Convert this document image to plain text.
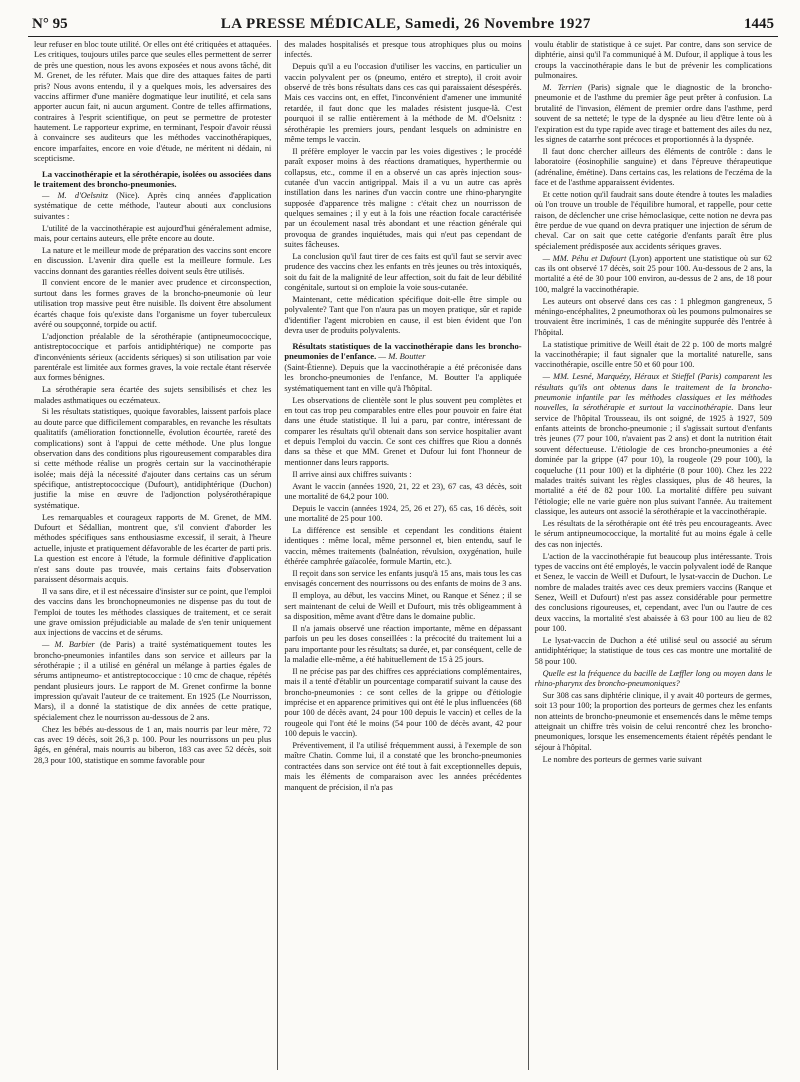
N° 95	LA PRESSE MÉDICALE, Samedi, 26 Novembre 1927	1445

leur refuser en bloc toute utilité. Or elles ont été critiquées et attaquées. Les critiques, toujours utiles parce que seules elles permettent de serrer de près une question, nous les avons exposées et nous avons tâché, dit M. Grenet, de les réfuter. Mais que dire des attaques faites de parti pris? Nous avons entendu, il y a quelques mois, les adversaires des vaccins affirmer d'une manière dogmatique leur inutilité, et cela sans apporter aucun fait, ni aucun argument. Contre de telles affirmations, contraires à l'esprit scientifique, on peut se permettre de protester hautement. Le rapporteur exprime, en terminant, l'espoir d'avoir réussi à convaincre ses auditeurs que les méthodes vaccinothérapiques, encore imparfaites, encore en voie d'étude, ne méritent ni dédain, ni scepticisme.

La vaccinothérapie et la sérothérapie, isolées ou associées dans le traitement des broncho-pneumonies.

— M. d'Oelsnitz (Nice). Après cinq années d'application systématique de cette méthode, l'auteur abouti aux conclusions suivantes :

L'utilité de la vaccinothérapie est aujourd'hui généralement admise, mais, pour certains auteurs, elle prête encore au doute.

La nature et le meilleur mode de préparation des vaccins sont encore en discussion. L'avenir dira quelle est la meilleure formule. Les vaccins donnant des garanties réelles doivent seuls être utilisés.

Il convient encore de le manier avec prudence et circonspection, surtout dans les formes graves de la broncho-pneumonie où leur utilisation trop massive peut être nuisible. Ils doivent être absolument écartés chaque fois qu'existe dans l'organisme un foyer tuberculeux avéré ou soupçonné, torpide ou actif.

L'adjonction préalable de la sérothérapie (antipneumococcique, antistreptococcique et parfois antidiphtérique) ne comporte pas d'inconvénients sérieux (accidents sériques) si son utilisation par voie parentérale est limitée aux formes graves, la voie rectale étant réservée aux formes bénignes.

La sérothérapie sera écartée des sujets sensibilisés et chez les malades asthmatiques ou eczémateux.

Si les résultats statistiques, quoique favorables, laissent parfois place au doute parce que difficilement comparables, en revanche les résultats qualitatifs (amélioration fonctionnelle, évolution écourtée, rareté des complications) sont à l'appui de cette méthode. Une plus longue observation dans des conditions plus rigoureusement comparables dira si cette méthode réalise un progrès certain sur la vaccinothérapie isolée; mais déjà la nécessité d'ajouter dans certains cas un sérum spécifique, antistreptococcique (Dufourt), antidiphtérique (Duchon) justifie la mise en œuvre de l'adjonction polysérothérapique systématique.

Les remarquables et courageux rapports de M. Grenet, de MM. Dufourt et Sédallian, montrent que, s'il convient d'aborder les méthodes spécifiques sans enthousiasme excessif, il serait, à l'heure actuelle, injuste et pratiquement défavorable de les écarter de parti pris. La question est encore à l'étude, la formule définitive d'application n'est sans doute pas trouvée, mais certains faits d'observation paraissent désormais acquis.

Il va sans dire, et il est nécessaire d'insister sur ce point, que l'emploi des vaccins dans les bronchopneumonies ne dispense pas du tout de l'emploi de toutes les méthodes classiques de traitement, et ce serait une grave omission préjudiciable au malade de s'en tenir uniquement aux injections de vaccins et de sérums.

— M. Barbier (de Paris) a traité systématiquement toutes les broncho-pneumonies infantiles dans son service et ailleurs par la sérothérapie ; il a utilisé en général un mélange à parties égales de sérums antipneumo- et antistreptococcique : 10 cmc de chaque, répétés pendant plusieurs jours. Le rapport de M. Grenet confirme la bonne impression qu'avait l'auteur de ce traitement. En 1925 (Le Nourrisson, Mars), il a donné la statistique de dix années de cette pratique, spécialement chez le nourrisson au-dessous de 2 ans.

Chez les bébés au-dessous de 1 an, mais nourris par leur mère, 72 cas avec 19 décès, soit 26,3 p. 100. Pour les nourrissons un peu plus âgés, en général, mais nourris au biberon, 183 cas avec 52 décès, soit 28,3 pour 100, statistique en somme favorable pour

des malades hospitalisés et presque tous atrophiques plus ou moins infectés.

Depuis qu'il a eu l'occasion d'utiliser les vaccins, en particulier un vaccin polyvalent per os (pneumo, entéro et strepto), il croit avoir observé de très bons résultats dans ces cas qui paraissaient désespérés. Mais ces vaccins ont, en effet, l'inconvénient d'amener une immunité retardée, il faut donc que les malades résistent jusque-là. C'est pourquoi il se rallie entièrement à la méthode de M. d'Oelsnitz : sérothérapie les premiers jours, pendant lesquels on administre en même temps le vaccin.

Il préfère employer le vaccin par les voies digestives ; le procédé paraît exposer moins à des réactions dramatiques, hyperthermie ou collapsus, etc., comme il en a observé un cas après injection sous-cutanée d'un vaccin antigrippal. Mais il a vu un autre cas après instillation dans les narines d'un vaccin contre une rhino-pharyngite supposée d'apparence très maligne : c'était chez un nourrisson de quelques semaines ; il y eut à la fois une réaction focale caractérisée par un écoulement nasal très abondant et une réaction générale qui provoqua de grandes inquiétudes, mais qui n'eut pas cependant de suites fâcheuses.

La conclusion qu'il faut tirer de ces faits est qu'il faut se servir avec prudence des vaccins chez les enfants en très jeunes ou très intoxiqués, soit du fait de la malignité de leur affection, soit du fait de leur débilité congénitale, surtout si on emploie la voie sous-cutanée.

Maintenant, cette médication spécifique doit-elle être simple ou polyvalente? Tant que l'on n'aura pas un moyen pratique, sûr et rapide d'identifier l'agent microbien en cause, il est bien évident que l'on devra user de produits polyvalents.

Résultats statistiques de la vaccinothérapie dans les broncho-pneumonies de l'enfance. — M. Boutter

(Saint-Étienne). Depuis que la vaccinothérapie a été préconisée dans les broncho-pneumonies de l'enfance, M. Boutter l'a appliquée systématiquement tant en ville qu'à l'hôpital.

Les observations de clientèle sont le plus souvent peu complètes et en tout cas trop peu comparables entre elles pour pouvoir en faire état dans une étude statistique. Il lui a paru, par contre, intéressant de comparer les résultats qu'il obtenait dans son service hospitalier avant et depuis l'emploi du vaccin. Ce sont ces chiffres que Riou a donnés dans sa thèse et que MM. Grenet et Dufour lui font l'honneur de mentionner dans leurs rapports.

Il arrive ainsi aux chiffres suivants :

Avant le vaccin (années 1920, 21, 22 et 23), 67 cas, 43 décès, soit une mortalité de 64,2 pour 100.

Depuis le vaccin (années 1924, 25, 26 et 27), 65 cas, 16 décès, soit une mortalité de 25 pour 100.

La différence est sensible et cependant les conditions étaient identiques : même local, même personnel et, bien entendu, sauf le vaccin, mêmes traitements (balnéation, révulsion, oxygénation, huile éthérée camphrée gaïacolée, formule Martin, etc.).

Il reçoit dans son service les enfants jusqu'à 15 ans, mais tous les cas envisagés concernent des nourrissons ou des enfants de moins de 3 ans.

Il employa, au début, les vaccins Minet, ou Ranque et Sénez ; il se sert maintenant de celui de Weill et Dufourt, mis très obligeamment à sa disposition, même avant d'être dans le domaine public.

Il n'a jamais observé une réaction importante, même en dépassant parfois un peu les doses conseillées : la précocité du traitement lui a paru importante pour les résultats; sa durée, et, par conséquent, celle de la maladie elle-même, a été habituellement de 15 à 25 jours.

Il ne précise pas par des chiffres ces appréciations complémentaires, mais il a tenté d'établir un pourcentage comparatif suivant la cause des broncho-pneumonies : ce sont celles de la grippe ou d'étiologie imprécise et en apparence primitives qui ont été le plus influencées (68 pour 100 de décès avant, 24 pour 100 depuis le vaccin) et celles de la rougeole qui l'ont été le moins (54 pour 100 de décès avant, 42 pour 100 depuis le vaccin).

Préventivement, il l'a utilisé fréquemment aussi, à l'exemple de son maître Chatin. Comme lui, il a constaté que les broncho-pneumonies contractées dans son service ont été tout à fait exceptionnelles depuis, mais les éléments de comparaison avec les années précédentes manquent de précision, il n'a pas

voulu établir de statistique à ce sujet. Par contre, dans son service de diphtérie, ainsi qu'il l'a communiqué à M. Dufour, il applique à tous les croups la vaccinothérapie dans le but de prévenir les complications pulmonaires.

M. Terrien (Paris) signale que le diagnostic de la broncho-pneumonie et de l'asthme du premier âge peut prêter à confusion. La brutalité de l'invasion, élément de premier ordre dans l'asthme, perd souvent de sa netteté; le type de la dyspnée au lieu d'être lente où à l'expiration est du type rapide avec tirage et battement des ailes du nez, les signes de catarrhe sont précoces et proportionnés à la dyspnée.

Il faut donc chercher ailleurs des éléments de contrôle : dans le laboratoire (éosinophilie sanguine) et dans l'épreuve thérapeutique (adrénaline, émétine). Dans certains cas, les relations de l'eczéma de la face et de l'asthme apparaissent évidentes.

Et cette notion qu'il faudrait sans doute étendre à toutes les maladies où l'on trouve un trouble de l'équilibre humoral, et rappelle, pour cette raison, de déclencher une crise hémoclasique, cette notion ne devra pas être perdue de vue quand on devra pratiquer une injection de sérum de cheval. Car on sait que cette catégorie d'enfants paraît être plus spécialement prédisposée aux accidents sériques graves.

— MM. Péhu et Dufourt (Lyon) apportent une statistique où sur 62 cas ils ont observé 17 décès, soit 25 pour 100. Au-dessous de 2 ans, la mortalité a été de 30 pour 100 environ, au-dessus de 2 ans, de 18 pour 100, malgré la vaccinothérapie.

Les auteurs ont observé dans ces cas : 1 phlegmon gangreneux, 5 méningo-encéphalites, 2 pneumothorax où les poumons pulmonaires se trouvaient être incriminés, 1 cas de méningite suppurée dès l'entrée à l'hôpital.

La statistique primitive de Weill était de 22 p. 100 de morts malgré la vaccinothérapie; il faut signaler que la mortalité naturelle, sans vaccinothérapie, oscille entre 50 et 60 pour 100.

— MM. Lesné, Marquézy, Héraux et Stieffel (Paris) comparent les résultats qu'ils ont obtenus dans le traitement de la broncho-pneumonie infantile par les méthodes classiques et les méthodes nouvelles, la sérothérapie et surtout la vaccinothérapie. Dans leur service de l'hôpital Trousseau, ils ont soigné, de 1925 à 1927, 509 enfants atteints de broncho-pneumonie ; il s'agissait surtout d'enfants très jeunes (77 pour 100, n'avaient pas 2 ans) et dont la nutrition était souvent défectueuse. L'étiologie de ces broncho-pneumonies a été dominée par la grippe (47 pour 10), la rougeole (29 pour 100), la coqueluche (11 pour 100) et la diphtérie (8 pour 100). Chez les 222 malades traités suivant les règles classiques, plus de 48 heures, la mortalité a été de 82 pour 100. La mortalité diffère peu suivant l'étiologie; elle ne varie guère non plus suivant l'année. Au traitement classique, les auteurs ont associé la sérothérapie et la vaccinothérapie.

Les résultats de la sérothérapie ont été très peu encourageants. Avec le sérum antipneumococcique, la mortalité fut au moins égale à celle des cas non injectés.

L'action de la vaccinothérapie fut beaucoup plus intéressante. Trois types de vaccins ont été employés, le vaccin polyvalent iodé de Ranque et Senez, le vaccin de Weill et Dufourt, le lysat-vaccin de Duchon. Le nombre de malades traités avec ces deux premiers vaccins (Ranque et Senez, Weill et Dufourt) n'est pas assez considérable pour permettre des conclusions rigoureuses, et, cependant, avec l'un ou l'autre de ces deux vaccins, la mortalité s'est abaissée à 63 pour 100 au lieu de 82 pour 100.

Le lysat-vaccin de Duchon a été utilisé seul ou associé au sérum antidiphtérique; la statistique de tous ces cas montre une mortalité de 58 pour 100.

Quelle est la fréquence du bacille de Lœffler long ou moyen dans le rhino-pharynx des broncho-pneumoniques?

Sur 308 cas sans diphtérie clinique, il y avait 40 porteurs de germes, soit 13 pour 100; la proportion des porteurs de germes chez les enfants non atteints de broncho-pneumonie et ensemencés dans le même temps atteignait un chiffre très voisin de celui rencontré chez les broncho-pneumoniques, lorsque les ensemencements étaient répétés pendant le séjour à l'hôpital.

Le nombre des porteurs de germes varie suivant
